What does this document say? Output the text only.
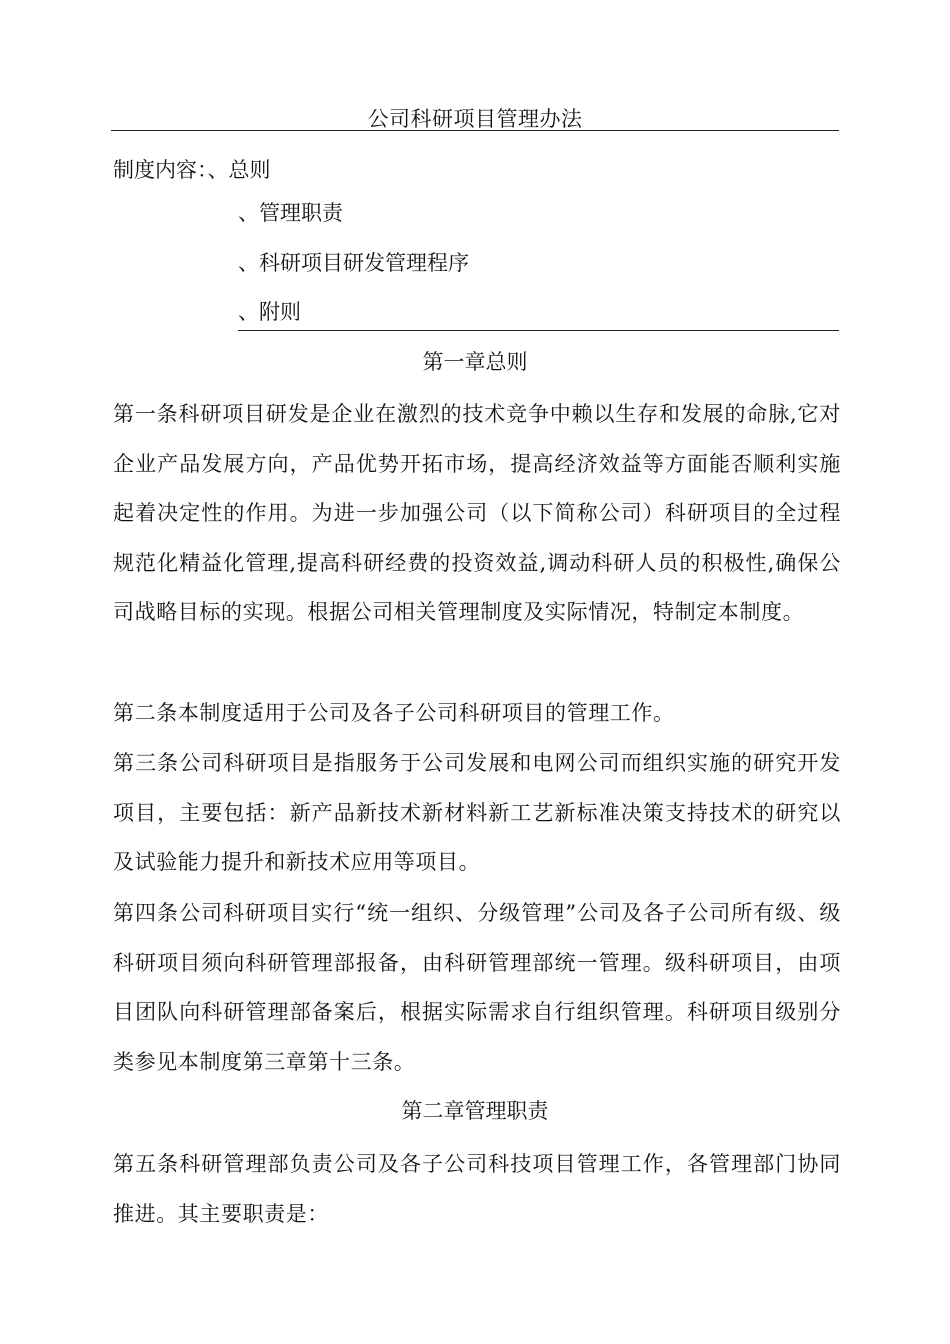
公司科研项目管理办法
制度内容：、总则
、管理职责
、科研项目研发管理程序
、附则
第一章总则
第一条科研项目研发是企业在激烈的技术竞争中赖以生存和发展的命脉,它对企业产品发展方向，产品优势开拓市场，提高经济效益等方面能否顺利实施起着决定性的作用。为进一步加强公司（以下简称公司）科研项目的全过程规范化精益化管理,提高科研经费的投资效益,调动科研人员的积极性,确保公司战略目标的实现。根据公司相关管理制度及实际情况，特制定本制度。
第二条本制度适用于公司及各子公司科研项目的管理工作。
第三条公司科研项目是指服务于公司发展和电网公司而组织实施的研究开发项目，主要包括：新产品新技术新材料新工艺新标准决策支持技术的研究以及试验能力提升和新技术应用等项目。
第四条公司科研项目实行“统一组织、分级管理”公司及各子公司所有级、级科研项目须向科研管理部报备，由科研管理部统一管理。级科研项目，由项目团队向科研管理部备案后，根据实际需求自行组织管理。科研项目级别分类参见本制度第三章第十三条。
第二章管理职责
第五条科研管理部负责公司及各子公司科技项目管理工作，各管理部门协同推进。其主要职责是：
